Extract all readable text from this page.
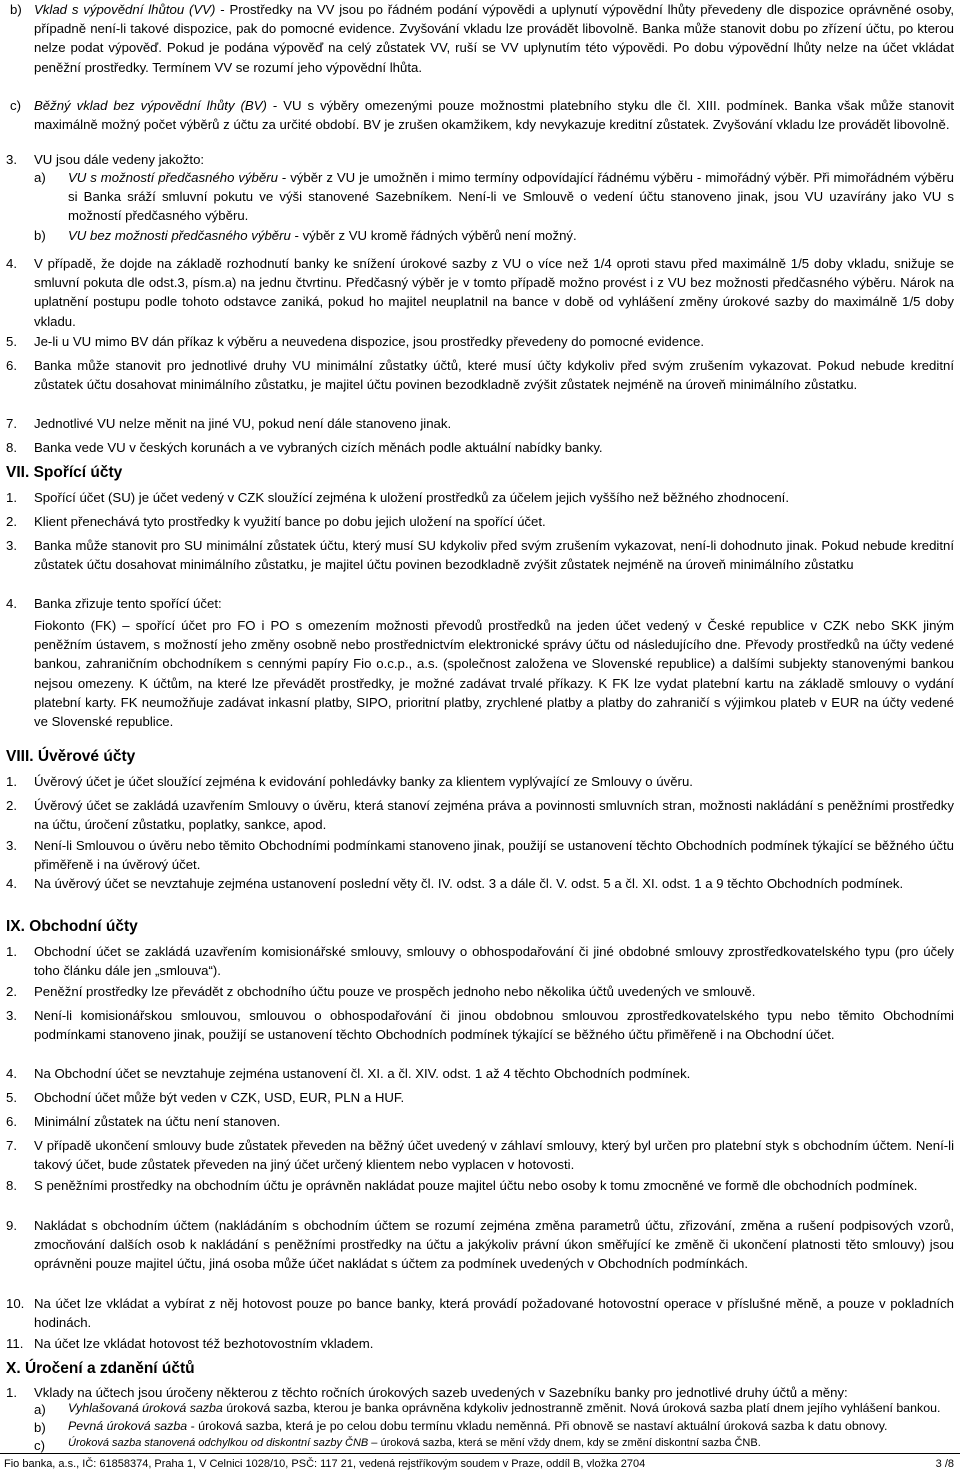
b) Vklad s výpovědní lhůtou (VV) - Prostředky na VV jsou po řádném podání výpovědi a uplynutí výpovědní lhůty převedeny dle dispozice oprávněné osoby, případně není-li takové dispozice, pak do pomocné evidence. Zvyšování vkladu lze provádět libovolně. Banka může stanovit dobu po zřízení účtu, po kterou nelze podat výpověď. Pokud je podána výpověď na celý zůstatek VV, ruší se VV uplynutím této výpovědi. Po dobu výpovědní lhůty nelze na účet vkládat peněžní prostředky. Termínem VV se rozumí jeho výpovědní lhůta.
c) Běžný vklad bez výpovědní lhůty (BV) - VU s výběry omezenými pouze možnostmi platebního styku dle čl. XIII. podmínek. Banka však může stanovit maximálně možný počet výběrů z účtu za určité období. BV je zrušen okamžikem, kdy nevykazuje kreditní zůstatek. Zvyšování vkladu lze provádět libovolně.
3. VU jsou dále vedeny jakožto:
a) VU s možností předčasného výběru - výběr z VU je umožněn i mimo termíny odpovídající řádnému výběru - mimořádný výběr. Při mimořádném výběru si Banka sráží smluvní pokutu ve výši stanovené Sazebníkem. Není-li ve Smlouvě o vedení účtu stanoveno jinak, jsou VU uzavírány jako VU s možností předčasného výběru.
b) VU bez možnosti předčasného výběru - výběr z VU kromě řádných výběrů není možný.
4. V případě, že dojde na základě rozhodnutí banky ke snížení úrokové sazby z VU o více než 1/4 oproti stavu před maximálně 1/5 doby vkladu, snižuje se smluvní pokuta dle odst.3, písm.a) na jednu čtvrtinu. Předčasný výběr je v tomto případě možno provést i z VU bez možnosti předčasného výběru. Nárok na uplatnění postupu podle tohoto odstavce zaniká, pokud ho majitel neuplatnil na bance v době od vyhlášení změny úrokové sazby do maximálně 1/5 doby vkladu.
5. Je-li u VU mimo BV dán příkaz k výběru a neuvedena dispozice, jsou prostředky převedeny do pomocné evidence.
6. Banka může stanovit pro jednotlivé druhy VU minimální zůstatky účtů, které musí účty kdykoliv před svým zrušením vykazovat. Pokud nebude kreditní zůstatek účtu dosahovat minimálního zůstatku, je majitel účtu povinen bezodkladně zvýšit zůstatek nejméně na úroveň minimálního zůstatku.
7. Jednotlivé VU nelze měnit na jiné VU, pokud není dále stanoveno jinak.
8. Banka vede VU v českých korunách a ve vybraných cizích měnách podle aktuální nabídky banky.
VII. Spořící účty
1. Spořící účet (SU) je účet vedený v CZK sloužící zejména k uložení prostředků za účelem jejich vyššího než běžného zhodnocení.
2. Klient přenechává tyto prostředky k využití bance po dobu jejich uložení na spořící účet.
3. Banka může stanovit pro SU minimální zůstatek účtu, který musí SU kdykoliv před svým zrušením vykazovat, není-li dohodnuto jinak. Pokud nebude kreditní zůstatek účtu dosahovat minimálního zůstatku, je majitel účtu povinen bezodkladně zvýšit zůstatek nejméně na úroveň minimálního zůstatku
4. Banka zřizuje tento spořící účet:
Fiokonto (FK) – spořící účet pro FO i PO s omezením možnosti převodů prostředků na jeden účet vedený v České republice v CZK nebo SKK jiným peněžním ústavem, s možností jeho změny osobně nebo prostřednictvím elektronické správy účtu od následujícího dne. Převody prostředků na účty vedené bankou, zahraničním obchodníkem s cennými papíry Fio o.c.p., a.s. (společnost založena ve Slovenské republice) a dalšími subjekty stanovenými bankou nejsou omezeny. K účtům, na které lze převádět prostředky, je možné zadávat trvalé příkazy. K FK lze vydat platební kartu na základě smlouvy o vydání platební karty. FK neumožňuje zadávat inkasní platby, SIPO, prioritní platby, zrychlené platby a platby do zahraničí s výjimkou plateb v EUR na účty vedené ve Slovenské republice.
VIII. Úvěrové účty
1. Úvěrový účet je účet sloužící zejména k evidování pohledávky banky za klientem vyplývající ze Smlouvy o úvěru.
2. Úvěrový účet se zakládá uzavřením Smlouvy o úvěru, která stanoví zejména práva a povinnosti smluvních stran, možnosti nakládání s peněžními prostředky na účtu, úročení zůstatku, poplatky, sankce, apod.
3. Není-li Smlouvou o úvěru nebo těmito Obchodními podmínkami stanoveno jinak, použijí se ustanovení těchto Obchodních podmínek týkající se běžného účtu přiměřeně i na úvěrový účet.
4. Na úvěrový účet se nevztahuje zejména ustanovení poslední věty čl. IV. odst. 3 a dále čl. V. odst. 5 a čl. XI. odst. 1 a 9 těchto Obchodních podmínek.
IX. Obchodní účty
1. Obchodní účet se zakládá uzavřením komisionářské smlouvy, smlouvy o obhospodařování či jiné obdobné smlouvy zprostředkovatelského typu (pro účely toho článku dále jen „smlouva“).
2. Peněžní prostředky lze převádět z obchodního účtu pouze ve prospěch jednoho nebo několika účtů uvedených ve smlouvě.
3. Není-li komisionářskou smlouvou, smlouvou o obhospodařování či jinou obdobnou smlouvou zprostředkovatelského typu nebo těmito Obchodními podmínkami stanoveno jinak, použijí se ustanovení těchto Obchodních podmínek týkající se běžného účtu přiměřeně i na Obchodní účet.
4. Na Obchodní účet se nevztahuje zejména ustanovení čl. XI. a čl. XIV. odst. 1 až 4 těchto Obchodních podmínek.
5. Obchodní účet může být veden v CZK, USD, EUR, PLN a HUF.
6. Minimální zůstatek na účtu není stanoven.
7. V případě ukončení smlouvy bude zůstatek převeden na běžný účet uvedený v záhlaví smlouvy, který byl určen pro platební styk s obchodním účtem. Není-li takový účet, bude zůstatek převeden na jiný účet určený klientem nebo vyplacen v hotovosti.
8. S peněžními prostředky na obchodním účtu je oprávněn nakládat pouze majitel účtu nebo osoby k tomu zmocněné ve formě dle obchodních podmínek.
9. Nakládat s obchodním účtem (nakládáním s obchodním účtem se rozumí zejména změna parametrů účtu, zřizování, změna a rušení podpisových vzorů, zmocňování dalších osob k nakládání s peněžními prostředky na účtu a jakýkoliv právní úkon směřující ke změně či ukončení platnosti těto smlouvy) jsou oprávněni pouze majitel účtu, jiná osoba může účet nakládat s účtem za podmínek uvedených v Obchodních podmínkách.
10. Na účet lze vkládat a vybírat z něj hotovost pouze po bance banky, která provádí požadované hotovostní operace v příslušné měně, a pouze v pokladních hodinách.
11. Na účet lze vkládat hotovost též bezhotovostním vkladem.
X. Úročení a zdanění účtů
1. Vklady na účtech jsou úročeny některou z těchto ročních úrokových sazeb uvedených v Sazebníku banky pro jednotlivé druhy účtů a měny:
a) Vyhlašovaná úroková sazba úroková sazba, kterou je banka oprávněna kdykoliv jednostranně změnit. Nová úroková sazba platí dnem jejího vyhlášení bankou.
b) Pevná úroková sazba - úroková sazba, která je po celou dobu termínu vkladu neměnná. Při obnově se nastaví aktuální úroková sazba k datu obnovy.
c) Úroková sazba stanovená odchylkou od diskontní sazby ČNB – úroková sazba, která se mění vždy dnem, kdy se změní diskontní sazba ČNB.
Fio banka, a.s., IČ: 61858374, Praha 1, V Celnici 1028/10, PSČ: 117 21, vedená rejstříkovým soudem v Praze, oddíl B, vložka 2704	3 /8
